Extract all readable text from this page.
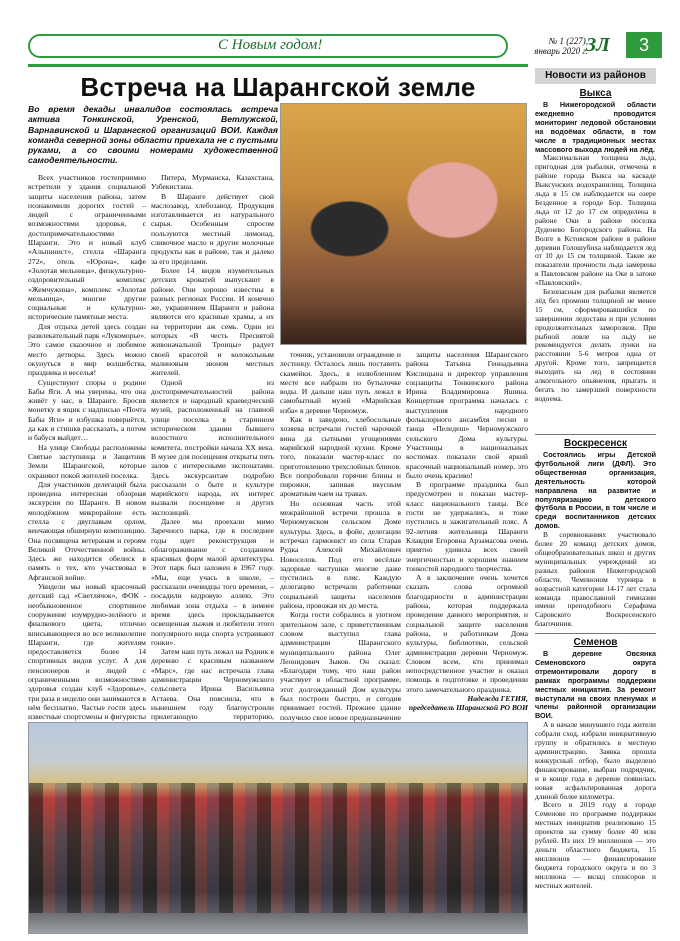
С Новым годом!	№ 1 (227),
январь 2020 г.
ЗЛ	3
Встреча на Шарангской земле
Во время декады инвалидов состоялась встреча актива Тонкинской, Уренской, Ветлужской, Варнавинской и Шарангской организаций ВОИ. Каждая команда северной зоны области приехала не с пустыми руками, а со своими номерами художественной самодеятельности.

Всех участников гостеприимно встретили у здания социальной защиты населения района, затем познакомили дорогих гостей – людей с ограниченными возможностями здоровья, с достопримечательностями Шаранги. Это и новый клуб «Альпинист», стелла «Шаранга 272», отель «Юрона», кафе «Золотая мельница», физкультурно-оздоровительный комплекс «Жемчужина», комплекс «Золотая мельница», многие другие социальные и культурно-исторические памятные места.

Для отдыха детей здесь создан развлекательный парк «Лукоморье». Это самое сказочное и любимое место детворы. Здесь можно окунуться в мир волшебства, праздника и веселья!

Существуют споры о родине Бабы Яги. А мы уверены, что она живёт у нас, в Шаранге. Бросив монетку в ящик с надписью «Почта Бабы Яги» и избушка повернётся, да как и стишкв рассказать, а потом и бабуся выйдет…

На улице Свободы расположены Святые заступница и Защитник Земли Шарангской, которые охраняют покой жителей поселка.

Для участников делегаций была проведена интересная обзорная экскурсия по Шаранге. В новом молодёжном микрорайоне есть стелла с двуглавым орлом, венчающая обширную композицию. Она посвящена ветеранам и героям Великой Отечественной войны. Здесь же находится обелиск в память о тех, кто участвовал в Афганской войне.

Увидели мы новый красочный детский сад «Светлячок», ФОК - необыкновенное спортивное сооружение изумрудно-зелёного и фиалкового цвета, отлично вписывающееся во все великолепие Шаранги, где жителям предоставляется более 14 спортивных видов услуг. А для пенсионеров и людей с ограниченными возможностями здоровья создан клуб «Здоровье», три раза в неделю они занимаются в нём бесплатно. Частые гости здесь известные спортсмены и фигуристы

Питера, Мурманска, Казахстана, Узбекистана.

В Шаранге действует свой маслозавод, хлебозавод. Продукция изготавливается из натурального сырья. Особенным спросом пользуются местный лимонад, сливочное масло и другие молочные продукты как в районе, так и далеко за его пределами.

Более 14 видов изумительных детских кроватей выпускают в районе. Они хорошо известны в разных регионах России. И конечно же, украшением Шаранги и района являются его красивые храмы, а их на территории аж семь. Один из которых «В честь Пресвятой живоначальной Троицы» радует своей красотой и колокольным малиновым звоном местных жителей.

Одной из достопримечательностей района является и народный краеведческий музей, расположенный на главной улице поселка в старинном историческом здании бывшего волостного исполнительного комитета, постройки начала XX века. В музее для посещения открыты пять залов с интересными экспонатами. Здесь экскурсантам подробно рассказали о быте и культуре марийского народа, их интерес вызвали посещение и других экспозиций.

Далее мы проехали мимо Заречного парка, где в последнее годы идет реконструкция и облагораживание с созданием красивых форм малой архитектуры. Этот парк был заложен в 1967 году. «Мы, еще учась в школе, – рассказали очевидцы того времени, – посадили кедровую аллею. Это любимая зона отдыха – в зимнее время здесь прокладывается освещенная лыжня и любители этого популярного вида спорта устраивают гонки».

Затем наш путь лежал на Родник в деревню с красивым названием «Марс», где нас встречала глава администрации Черномужского сельсовета Ирина Васильевна Агтаева. Она пояснила, что в нынешнем году благоустроили прилегающую территорию,

точник, установили ограждение и лестницу. Осталось лишь поставить скамейки. Здесь, в излюбленном месте все набрали по бутылочке воды. И дальше наш путь лежал в самобытный музей «Марийская изба» в деревне Черномуж.

Как и заведено, хлебосольные хозяева встречали гостей чарочкой вина да сытными угощениями марийской народной кухни. Кроме того, показали мастер-класс по приготовлению трехслойных блинов. Все попробовали горячие блины и пирожки, запивая вкусным ароматным чаем на травах.

Но основная часть этой межрайонной встречи прошла в Черномужском сельском Доме культуры. Здесь, в фойе, делегации встречал гармонист из села Старая Рудка Алексей Михайлович Новоселов. Под его весёлые задорные частушки многие даже пустились в пляс. Каждую делегацию встречали работники социальной защиты населения района, провожая их до места.

Когда гости собрались в уютном зрительном зале, с приветственным словом выступил глава администрации Шарангского муниципального района Олег Леонидович Зыков. Он сказал: «Благодаря тому, что наш район участвует в областной программе, этот долгожданный Дом культуры был построен быстро, и сегодня принимает гостей. Прежнее здание получило свое новое предназначение

защиты населения Шарангского района Татьяна Геннадьевна Кислицына и директор управления соцзащиты Тонкинского района Ирина Владимировна Яшина. Концертная программа началась с выступления народного фольклорного ансамбля песни и танца «Пеледеш» Черномужского сельского Дома культуры. Участницы в национальных костюмах показали свой яркий красочный национальный номер, это было очень красиво!

В программе праздника был предусмотрен и показан мастер-класс национального танца. Все гости не удержались, и тоже пустились в зажигательный пляс. А 92-летняя жительница Шаранги Клавдия Егоровна Арзамасова очень приятно удивила всех своей энергичностью и хорошим знанием тонкостей народного творчества.

А в заключение очень хочется сказать слова огромной благодарности и администрации района, которая поддержала проведение данного мероприятия, и социальной защите населения района, и работникам Дома культуры, библиотеки, сельской администрации деревни Черномуж. Словом всем, кто принимал непосредственное участие и оказал помощь в подготовке и проведении этого замечательного праздника.

Надежда ГЕТИЯ,

председатель Шарангской РО ВОИ

Новости из районов
Выкса

В Нижегородской области ежедневно проводится мониторинг ледовой обстановки на водоёмах области, в том числе в традиционных местах массового выхода людей на лёд.

Максимальная толщина льда, пригодная для рыбалки, отмечена в районе города Выкса на каскаде Выксунских водохранилищ. Толщина льда в 15 см наблюдается на озере Безденное в городе Бор. Толщина льда от 12 до 17 см определена в районе Оки в районе поселка Дуденево Богородского района. На Волге в Кстовском районе в районе деревни Голошубиха наблюдается лед от 10 до 15 см толщиной. Такие же показатели прочности льда замерены в Павловском районе на Оке в затоне «Павловский».

Безопасным для рыбалки является лёд без промоин толщиной не менее 15 см, сформировавшийся по завершении ледостава и при условии продолжительных заморозков. При рыбной ловле на льду не рекомендуется делать лунки на расстоянии 5-6 метров одна от другой. Кроме того, запрещается выходить на лед в состоянии алкогольного опьянения, прыгать и бегать по замерзшей поверхности водоема.

Воскресенск

Состоялись игры Детской футбольной лиги (ДФЛ). Это общественная организация, деятельность которой направлена на развитие и популяризацию детского футбола в России, в том числе и среди воспитанников детских домов.

В соревнованиях участвовало более 20 команд детских домов, общеобразовательных школ и других муниципальных учреждений из разных районов Нижегородской области. Чемпионом турнира в возрастной категории 14-17 лет стала команда православной гимназии имени преподобного Серафима Саровского Воскресенского благочиния.

Семенов

В деревне Овсянка Семеновского округа отремонтировали дорогу в рамках программы поддержки местных инициатив. За ремонт выступали на своих пленумах и члены районной организации ВОИ.

А в начале минувшего года жители собрали сход, избрали инициативную группу и обратились в местную администрацию. Заявка прошла конкурсный отбор, было выделено финансирование, выбран подрядчик, и в конце года в деревне появилась новая асфальтированная дорога длиной более километра.

Всего в 2019 году в городе Семенове по программе поддержки местных инициатив реализовано 15 проектов на сумму более 40 млн рублей. Из них 19 миллионов — это деньги областного бюджета, 15 миллионов — финансирование бюджета городского округа и по 3 миллиона — вклад спонсоров и местных жителей.
